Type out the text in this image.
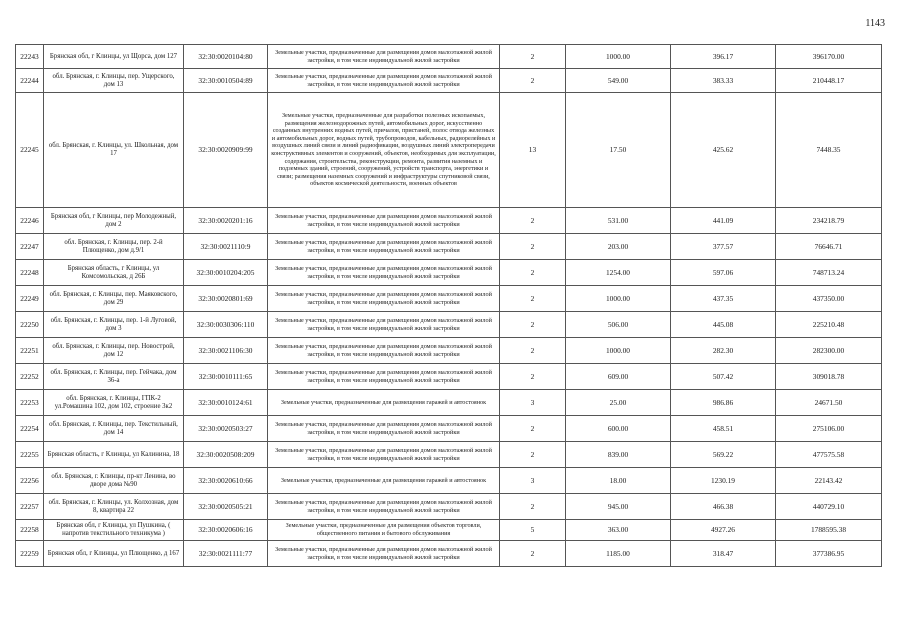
1143
22243	Брянская обл, г Клинцы, ул Щорса, дом 127	32:30:0020104:80	Земельные участки, предназначенные для размещения домов малоэтажной жилой застройки, в том числе индивидуальной жилой застройки	2	1000.00	396.17	396170.00
22244	обл. Брянская, г. Клинцы, пер. Ущерского, дом 13	32:30:0010504:89	Земельные участки, предназначенные для размещения домов малоэтажной жилой застройки, в том числе индивидуальной жилой застройки	2	549.00	383.33	210448.17
22245	обл. Брянская, г. Клинцы, ул. Школьная, дом 17	32:30:0020909:99	Земельные участки, предназначенные для разработки полезных ископаемых, размещения железнодорожных путей, автомобильных дорог, искусственно созданных внутренних водных путей, причалов, пристаней, полос отвода железных и автомобильных дорог, водных путей, трубопроводов, кабельных, радиорелейных и воздушных линий связи и линий радиофикации, воздушных линий электропередачи конструктивных элементов и сооружений, объектов, необходимых для эксплуатации, содержания, строительства, реконструкции, ремонта, развития наземных и подземных зданий, строений, сооружений, устройств транспорта, энергетики и связи; размещения наземных сооружений и инфраструктуры спутниковой связи, объектов космической деятельности, военных объектов	13	17.50	425.62	7448.35
22246	Брянская обл, г Клинцы, пер Молодежный, дом 2	32:30:0020201:16	Земельные участки, предназначенные для размещения домов малоэтажной жилой застройки, в том числе индивидуальной жилой застройки	2	531.00	441.09	234218.79
22247	обл. Брянская, г. Клинцы, пер. 2-й Плющенко, дом д.9/1	32:30:0021110:9	Земельные участки, предназначенные для размещения домов малоэтажной жилой застройки, в том числе индивидуальной жилой застройки	2	203.00	377.57	76646.71
22248	Брянская область, г Клинцы, ул Комсомольская, д 26Б	32:30:0010204:205	Земельные участки, предназначенные для размещения домов малоэтажной жилой застройки, в том числе индивидуальной жилой застройки	2	1254.00	597.06	748713.24
22249	обл. Брянская, г. Клинцы, пер. Маяковского, дом 29	32:30:0020801:69	Земельные участки, предназначенные для размещения домов малоэтажной жилой застройки, в том числе индивидуальной жилой застройки	2	1000.00	437.35	437350.00
22250	обл. Брянская, г. Клинцы, пер. 1-й Луговой, дом 3	32:30:0030306:110	Земельные участки, предназначенные для размещения домов малоэтажной жилой застройки, в том числе индивидуальной жилой застройки	2	506.00	445.08	225210.48
22251	обл. Брянская, г. Клинцы, пер. Новострой, дом 12	32:30:0021106:30	Земельные участки, предназначенные для размещения домов малоэтажной жилой застройки, в том числе индивидуальной жилой застройки	2	1000.00	282.30	282300.00
22252	обл. Брянская, г. Клинцы, пер. Гейчака, дом 36-а	32:30:0010111:65	Земельные участки, предназначенные для размещения домов малоэтажной жилой застройки, в том числе индивидуальной жилой застройки	2	609.00	507.42	309018.78
22253	обл. Брянская, г. Клинцы, ГПК-2 ул.Ромашина 102, дом 102, строение 3к2	32:30:0010124:61	Земельные участки, предназначенные для размещения гаражей и автостоянок	3	25.00	986.86	24671.50
22254	обл. Брянская, г. Клинцы, пер. Текстильный, дом 14	32:30:0020503:27	Земельные участки, предназначенные для размещения домов малоэтажной жилой застройки, в том числе индивидуальной жилой застройки	2	600.00	458.51	275106.00
22255	Брянская область, г Клинцы, ул Калинина, 18	32:30:0020508:209	Земельные участки, предназначенные для размещения домов малоэтажной жилой застройки, в том числе индивидуальной жилой застройки	2	839.00	569.22	477575.58
22256	обл. Брянская, г. Клинцы, пр-кт Ленина, во дворе дома №90	32:30:0020610:66	Земельные участки, предназначенные для размещения гаражей и автостоянок	3	18.00	1230.19	22143.42
22257	обл. Брянская, г. Клинцы, ул. Колхозная, дом 8, квартира 22	32:30:0020505:21	Земельные участки, предназначенные для размещения домов малоэтажной жилой застройки, в том числе индивидуальной жилой застройки	2	945.00	466.38	440729.10
22258	Брянская обл, г Клинцы, ул Пушкина, ( напротив текстильного техникума )	32:30:0020606:16	Земельные участки, предназначенные для размещения объектов торговли, общественного питания и бытового обслуживания	5	363.00	4927.26	1788595.38
22259	Брянская обл, г Клинцы, ул Плющенко, д 167	32:30:0021111:77	Земельные участки, предназначенные для размещения домов малоэтажной жилой застройки, в том числе индивидуальной жилой застройки	2	1185.00	318.47	377386.95
